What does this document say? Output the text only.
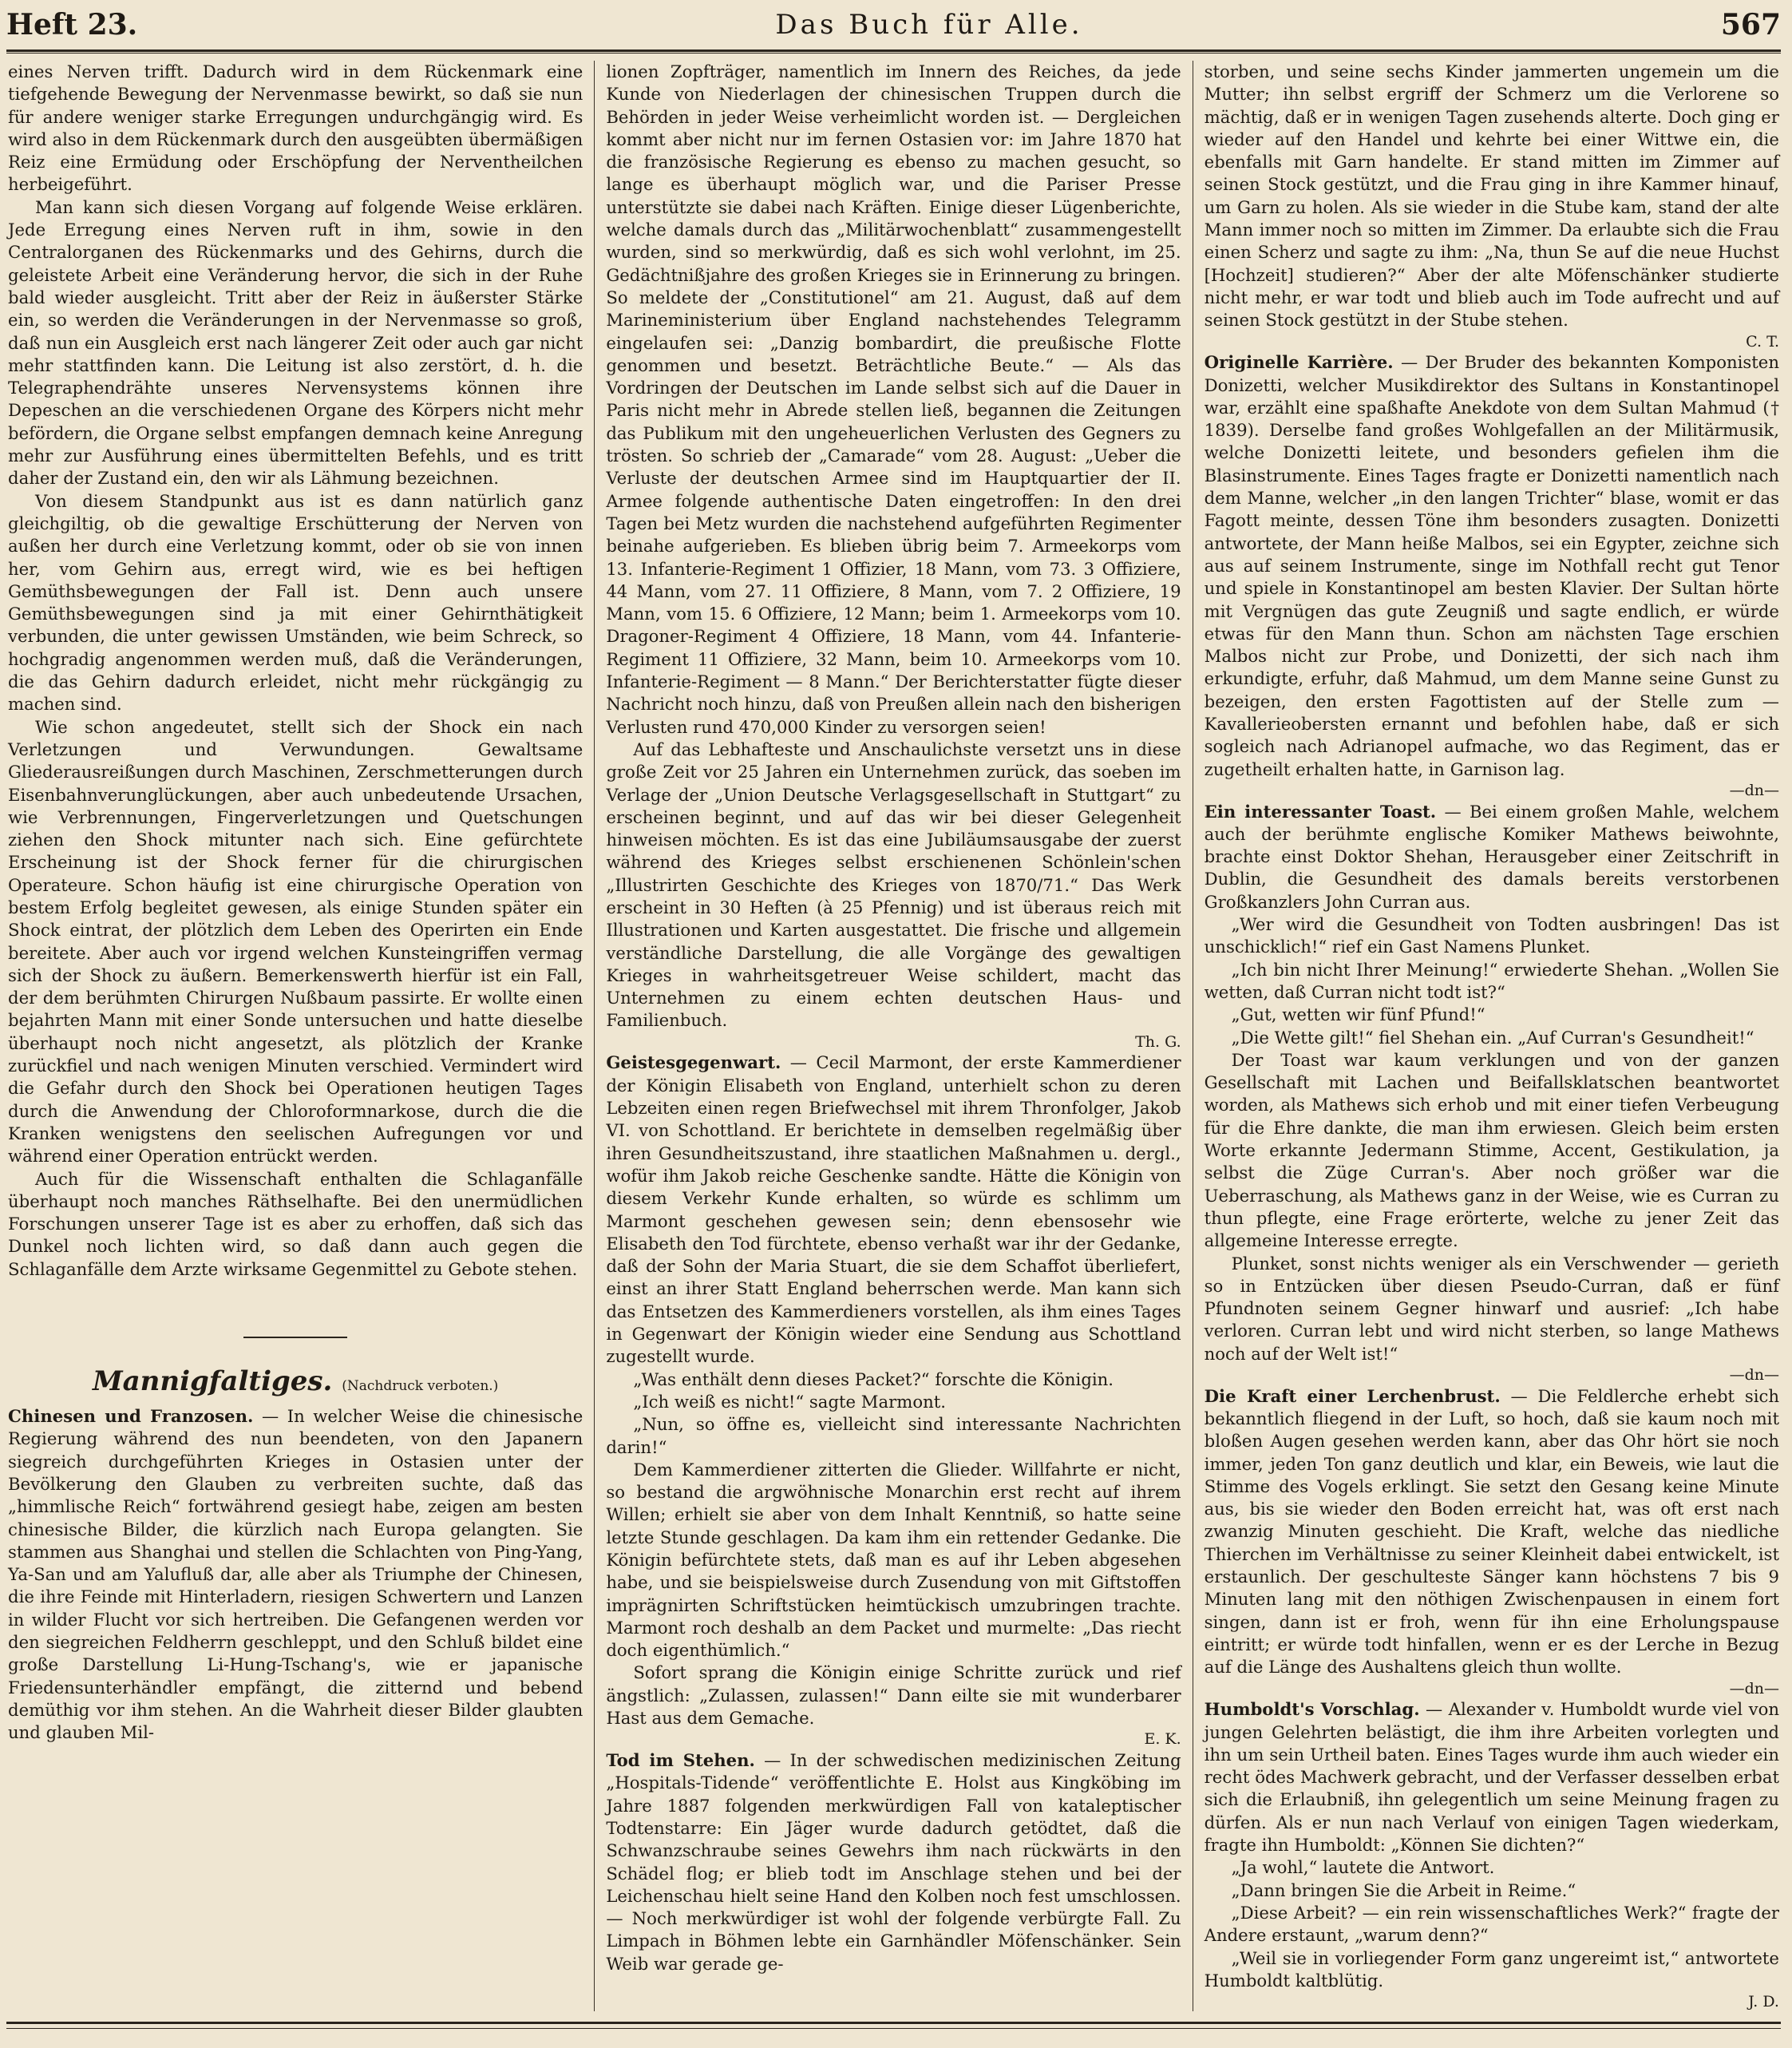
Heft 23.	Das Buch für Alle.	567

eines Nerven trifft. Dadurch wird in dem Rückenmark eine tiefgehende Bewegung der Nervenmasse bewirkt, so daß sie nun für andere weniger starke Erregungen undurchgängig wird. Es wird also in dem Rückenmark durch den ausgeübten übermäßigen Reiz eine Ermüdung oder Erschöpfung der Nerventheilchen herbeigeführt.

Man kann sich diesen Vorgang auf folgende Weise erklären. Jede Erregung eines Nerven ruft in ihm, sowie in den Centralorganen des Rückenmarks und des Gehirns, durch die geleistete Arbeit eine Veränderung hervor, die sich in der Ruhe bald wieder ausgleicht. Tritt aber der Reiz in äußerster Stärke ein, so werden die Veränderungen in der Nervenmasse so groß, daß nun ein Ausgleich erst nach längerer Zeit oder auch gar nicht mehr stattfinden kann. Die Leitung ist also zerstört, d. h. die Telegraphendrähte unseres Nervensystems können ihre Depeschen an die verschiedenen Organe des Körpers nicht mehr befördern, die Organe selbst empfangen demnach keine Anregung mehr zur Ausführung eines übermittelten Befehls, und es tritt daher der Zustand ein, den wir als Lähmung bezeichnen.

Von diesem Standpunkt aus ist es dann natürlich ganz gleichgiltig, ob die gewaltige Erschütterung der Nerven von außen her durch eine Verletzung kommt, oder ob sie von innen her, vom Gehirn aus, erregt wird, wie es bei heftigen Gemüthsbewegungen der Fall ist. Denn auch unsere Gemüthsbewegungen sind ja mit einer Gehirnthätigkeit verbunden, die unter gewissen Umständen, wie beim Schreck, so hochgradig angenommen werden muß, daß die Veränderungen, die das Gehirn dadurch erleidet, nicht mehr rückgängig zu machen sind.

Wie schon angedeutet, stellt sich der Shock ein nach Verletzungen und Verwundungen. Gewaltsame Gliederausreißungen durch Maschinen, Zerschmetterungen durch Eisenbahnverunglückungen, aber auch unbedeutende Ursachen, wie Verbrennungen, Fingerverletzungen und Quetschungen ziehen den Shock mitunter nach sich. Eine gefürchtete Erscheinung ist der Shock ferner für die chirurgischen Operateure. Schon häufig ist eine chirurgische Operation von bestem Erfolg begleitet gewesen, als einige Stunden später ein Shock eintrat, der plötzlich dem Leben des Operirten ein Ende bereitete. Aber auch vor irgend welchen Kunsteingriffen vermag sich der Shock zu äußern. Bemerkenswerth hierfür ist ein Fall, der dem berühmten Chirurgen Nußbaum passirte. Er wollte einen bejahrten Mann mit einer Sonde untersuchen und hatte dieselbe überhaupt noch nicht angesetzt, als plötzlich der Kranke zurückfiel und nach wenigen Minuten verschied. Vermindert wird die Gefahr durch den Shock bei Operationen heutigen Tages durch die Anwendung der Chloroformnarkose, durch die die Kranken wenigstens den seelischen Aufregungen vor und während einer Operation entrückt werden.

Auch für die Wissenschaft enthalten die Schlaganfälle überhaupt noch manches Räthselhafte. Bei den unermüdlichen Forschungen unserer Tage ist es aber zu erhoffen, daß sich das Dunkel noch lichten wird, so daß dann auch gegen die Schlaganfälle dem Arzte wirksame Gegenmittel zu Gebote stehen.

Mannigfaltiges. (Nachdruck verboten.)

Chinesen und Franzosen. — In welcher Weise die chinesische Regierung während des nun beendeten, von den Japanern siegreich durchgeführten Krieges in Ostasien unter der Bevölkerung den Glauben zu verbreiten suchte, daß das „himmlische Reich“ fortwährend gesiegt habe, zeigen am besten chinesische Bilder, die kürzlich nach Europa gelangten. Sie stammen aus Shanghai und stellen die Schlachten von Ping-Yang, Ya-San und am Yalufluß dar, alle aber als Triumphe der Chinesen, die ihre Feinde mit Hinterladern, riesigen Schwertern und Lanzen in wilder Flucht vor sich hertreiben. Die Gefangenen werden vor den siegreichen Feldherrn geschleppt, und den Schluß bildet eine große Darstellung Li-Hung-Tschang's, wie er japanische Friedensunterhändler empfängt, die zitternd und bebend demüthig vor ihm stehen. An die Wahrheit dieser Bilder glaubten und glauben Mil-

lionen Zopfträger, namentlich im Innern des Reiches, da jede Kunde von Niederlagen der chinesischen Truppen durch die Behörden in jeder Weise verheimlicht worden ist. — Dergleichen kommt aber nicht nur im fernen Ostasien vor: im Jahre 1870 hat die französische Regierung es ebenso zu machen gesucht, so lange es überhaupt möglich war, und die Pariser Presse unterstützte sie dabei nach Kräften. Einige dieser Lügenberichte, welche damals durch das „Militärwochenblatt“ zusammengestellt wurden, sind so merkwürdig, daß es sich wohl verlohnt, im 25. Gedächtnißjahre des großen Krieges sie in Erinnerung zu bringen. So meldete der „Constitutionel“ am 21. August, daß auf dem Marineministerium über England nachstehendes Telegramm eingelaufen sei: „Danzig bombardirt, die preußische Flotte genommen und besetzt. Beträchtliche Beute.“ — Als das Vordringen der Deutschen im Lande selbst sich auf die Dauer in Paris nicht mehr in Abrede stellen ließ, begannen die Zeitungen das Publikum mit den ungeheuerlichen Verlusten des Gegners zu trösten. So schrieb der „Camarade“ vom 28. August: „Ueber die Verluste der deutschen Armee sind im Hauptquartier der II. Armee folgende authentische Daten eingetroffen: In den drei Tagen bei Metz wurden die nachstehend aufgeführten Regimenter beinahe aufgerieben. Es blieben übrig beim 7. Armeekorps vom 13. Infanterie-Regiment 1 Offizier, 18 Mann, vom 73. 3 Offiziere, 44 Mann, vom 27. 11 Offiziere, 8 Mann, vom 7. 2 Offiziere, 19 Mann, vom 15. 6 Offiziere, 12 Mann; beim 1. Armeekorps vom 10. Dragoner-Regiment 4 Offiziere, 18 Mann, vom 44. Infanterie-Regiment 11 Offiziere, 32 Mann, beim 10. Armeekorps vom 10. Infanterie-Regiment — 8 Mann.“ Der Berichterstatter fügte dieser Nachricht noch hinzu, daß von Preußen allein nach den bisherigen Verlusten rund 470,000 Kinder zu versorgen seien!

Auf das Lebhafteste und Anschaulichste versetzt uns in diese große Zeit vor 25 Jahren ein Unternehmen zurück, das soeben im Verlage der „Union Deutsche Verlagsgesellschaft in Stuttgart“ zu erscheinen beginnt, und auf das wir bei dieser Gelegenheit hinweisen möchten. Es ist das eine Jubiläumsausgabe der zuerst während des Krieges selbst erschienenen Schönlein'schen „Illustrirten Geschichte des Krieges von 1870/71.“ Das Werk erscheint in 30 Heften (à 25 Pfennig) und ist überaus reich mit Illustrationen und Karten ausgestattet. Die frische und allgemein verständliche Darstellung, die alle Vorgänge des gewaltigen Krieges in wahrheitsgetreuer Weise schildert, macht das Unternehmen zu einem echten deutschen Haus- und Familienbuch.

Th. G.

Geistesgegenwart. — Cecil Marmont, der erste Kammerdiener der Königin Elisabeth von England, unterhielt schon zu deren Lebzeiten einen regen Briefwechsel mit ihrem Thronfolger, Jakob VI. von Schottland. Er berichtete in demselben regelmäßig über ihren Gesundheitszustand, ihre staatlichen Maßnahmen u. dergl., wofür ihm Jakob reiche Geschenke sandte. Hätte die Königin von diesem Verkehr Kunde erhalten, so würde es schlimm um Marmont geschehen gewesen sein; denn ebensosehr wie Elisabeth den Tod fürchtete, ebenso verhaßt war ihr der Gedanke, daß der Sohn der Maria Stuart, die sie dem Schaffot überliefert, einst an ihrer Statt England beherrschen werde. Man kann sich das Entsetzen des Kammerdieners vorstellen, als ihm eines Tages in Gegenwart der Königin wieder eine Sendung aus Schottland zugestellt wurde.

„Was enthält denn dieses Packet?“ forschte die Königin.

„Ich weiß es nicht!“ sagte Marmont.

„Nun, so öffne es, vielleicht sind interessante Nachrichten darin!“

Dem Kammerdiener zitterten die Glieder. Willfahrte er nicht, so bestand die argwöhnische Monarchin erst recht auf ihrem Willen; erhielt sie aber von dem Inhalt Kenntniß, so hatte seine letzte Stunde geschlagen. Da kam ihm ein rettender Gedanke. Die Königin befürchtete stets, daß man es auf ihr Leben abgesehen habe, und sie beispielsweise durch Zusendung von mit Giftstoffen imprägnirten Schriftstücken heimtückisch umzubringen trachte. Marmont roch deshalb an dem Packet und murmelte: „Das riecht doch eigenthümlich.“

Sofort sprang die Königin einige Schritte zurück und rief ängstlich: „Zulassen, zulassen!“ Dann eilte sie mit wunderbarer Hast aus dem Gemache.

E. K.

Tod im Stehen. — In der schwedischen medizinischen Zeitung „Hospitals-Tidende“ veröffentlichte E. Holst aus Kingköbing im Jahre 1887 folgenden merkwürdigen Fall von kataleptischer Todtenstarre: Ein Jäger wurde dadurch getödtet, daß die Schwanzschraube seines Gewehrs ihm nach rückwärts in den Schädel flog; er blieb todt im Anschlage stehen und bei der Leichenschau hielt seine Hand den Kolben noch fest umschlossen. — Noch merkwürdiger ist wohl der folgende verbürgte Fall. Zu Limpach in Böhmen lebte ein Garnhändler Möfenschänker. Sein Weib war gerade ge-

storben, und seine sechs Kinder jammerten ungemein um die Mutter; ihn selbst ergriff der Schmerz um die Verlorene so mächtig, daß er in wenigen Tagen zusehends alterte. Doch ging er wieder auf den Handel und kehrte bei einer Wittwe ein, die ebenfalls mit Garn handelte. Er stand mitten im Zimmer auf seinen Stock gestützt, und die Frau ging in ihre Kammer hinauf, um Garn zu holen. Als sie wieder in die Stube kam, stand der alte Mann immer noch so mitten im Zimmer. Da erlaubte sich die Frau einen Scherz und sagte zu ihm: „Na, thun Se auf die neue Huchst [Hochzeit] studieren?“ Aber der alte Möfenschänker studierte nicht mehr, er war todt und blieb auch im Tode aufrecht und auf seinen Stock gestützt in der Stube stehen.

C. T.

Originelle Karrière. — Der Bruder des bekannten Komponisten Donizetti, welcher Musikdirektor des Sultans in Konstantinopel war, erzählt eine spaßhafte Anekdote von dem Sultan Mahmud († 1839). Derselbe fand großes Wohlgefallen an der Militärmusik, welche Donizetti leitete, und besonders gefielen ihm die Blasinstrumente. Eines Tages fragte er Donizetti namentlich nach dem Manne, welcher „in den langen Trichter“ blase, womit er das Fagott meinte, dessen Töne ihm besonders zusagten. Donizetti antwortete, der Mann heiße Malbos, sei ein Egypter, zeichne sich aus auf seinem Instrumente, singe im Nothfall recht gut Tenor und spiele in Konstantinopel am besten Klavier. Der Sultan hörte mit Vergnügen das gute Zeugniß und sagte endlich, er würde etwas für den Mann thun. Schon am nächsten Tage erschien Malbos nicht zur Probe, und Donizetti, der sich nach ihm erkundigte, erfuhr, daß Mahmud, um dem Manne seine Gunst zu bezeigen, den ersten Fagottisten auf der Stelle zum — Kavallerieobersten ernannt und befohlen habe, daß er sich sogleich nach Adrianopel aufmache, wo das Regiment, das er zugetheilt erhalten hatte, in Garnison lag.

—dn—

Ein interessanter Toast. — Bei einem großen Mahle, welchem auch der berühmte englische Komiker Mathews beiwohnte, brachte einst Doktor Shehan, Herausgeber einer Zeitschrift in Dublin, die Gesundheit des damals bereits verstorbenen Großkanzlers John Curran aus.

„Wer wird die Gesundheit von Todten ausbringen! Das ist unschicklich!“ rief ein Gast Namens Plunket.

„Ich bin nicht Ihrer Meinung!“ erwiederte Shehan. „Wollen Sie wetten, daß Curran nicht todt ist?“

„Gut, wetten wir fünf Pfund!“

„Die Wette gilt!“ fiel Shehan ein. „Auf Curran's Gesundheit!“

Der Toast war kaum verklungen und von der ganzen Gesellschaft mit Lachen und Beifallsklatschen beantwortet worden, als Mathews sich erhob und mit einer tiefen Verbeugung für die Ehre dankte, die man ihm erwiesen. Gleich beim ersten Worte erkannte Jedermann Stimme, Accent, Gestikulation, ja selbst die Züge Curran's. Aber noch größer war die Ueberraschung, als Mathews ganz in der Weise, wie es Curran zu thun pflegte, eine Frage erörterte, welche zu jener Zeit das allgemeine Interesse erregte.

Plunket, sonst nichts weniger als ein Verschwender — gerieth so in Entzücken über diesen Pseudo-Curran, daß er fünf Pfundnoten seinem Gegner hinwarf und ausrief: „Ich habe verloren. Curran lebt und wird nicht sterben, so lange Mathews noch auf der Welt ist!“

—dn—

Die Kraft einer Lerchenbrust. — Die Feldlerche erhebt sich bekanntlich fliegend in der Luft, so hoch, daß sie kaum noch mit bloßen Augen gesehen werden kann, aber das Ohr hört sie noch immer, jeden Ton ganz deutlich und klar, ein Beweis, wie laut die Stimme des Vogels erklingt. Sie setzt den Gesang keine Minute aus, bis sie wieder den Boden erreicht hat, was oft erst nach zwanzig Minuten geschieht. Die Kraft, welche das niedliche Thierchen im Verhältnisse zu seiner Kleinheit dabei entwickelt, ist erstaunlich. Der geschulteste Sänger kann höchstens 7 bis 9 Minuten lang mit den nöthigen Zwischenpausen in einem fort singen, dann ist er froh, wenn für ihn eine Erholungspause eintritt; er würde todt hinfallen, wenn er es der Lerche in Bezug auf die Länge des Aushaltens gleich thun wollte.

—dn—

Humboldt's Vorschlag. — Alexander v. Humboldt wurde viel von jungen Gelehrten belästigt, die ihm ihre Arbeiten vorlegten und ihn um sein Urtheil baten. Eines Tages wurde ihm auch wieder ein recht ödes Machwerk gebracht, und der Verfasser desselben erbat sich die Erlaubniß, ihn gelegentlich um seine Meinung fragen zu dürfen. Als er nun nach Verlauf von einigen Tagen wiederkam, fragte ihn Humboldt: „Können Sie dichten?“

„Ja wohl,“ lautete die Antwort.

„Dann bringen Sie die Arbeit in Reime.“

„Diese Arbeit? — ein rein wissenschaftliches Werk?“ fragte der Andere erstaunt, „warum denn?“

„Weil sie in vorliegender Form ganz ungereimt ist,“ antwortete Humboldt kaltblütig.

J. D.
